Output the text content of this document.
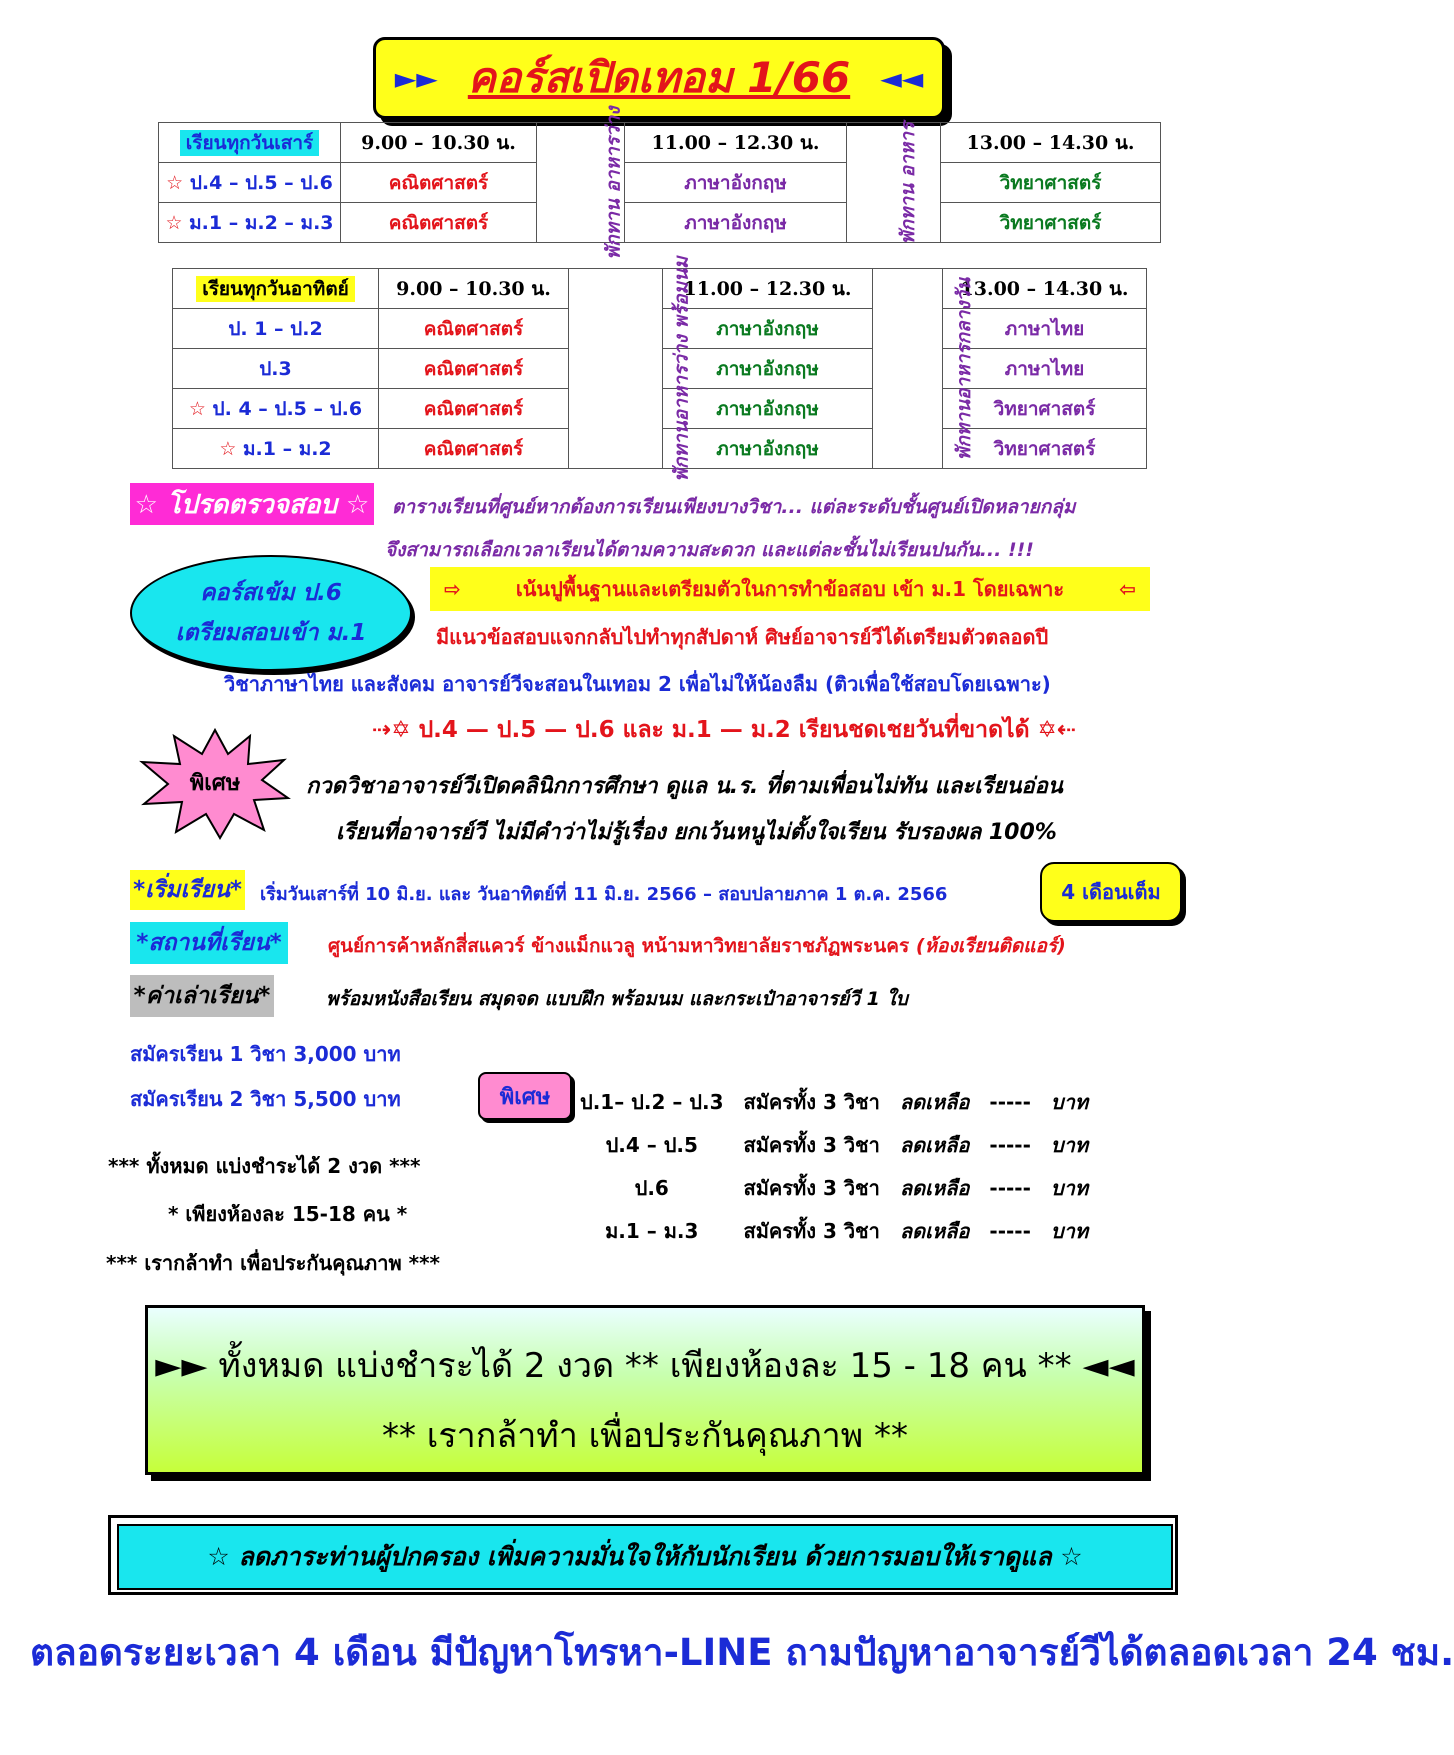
►► คอร์สเปิดเทอม 1/66 ◄◄
เรียนทุกวันเสาร์	9.00 – 10.30 น.	พักทาน อาหารว่าง	11.00 – 12.30 น.	พักทาน อาหาร	13.00 – 14.30 น.
☆ ป.4 – ป.5 – ป.6	คณิตศาสตร์		ภาษาอังกฤษ		วิทยาศาสตร์
☆ ม.1 – ม.2 – ม.3	คณิตศาสตร์		ภาษาอังกฤษ		วิทยาศาสตร์
เรียนทุกวันอาทิตย์	9.00 – 10.30 น.	พักทานอาหารว่าง พร้อมนม	11.00 – 12.30 น.	พักทานอาหารกลางวัน	13.00 – 14.30 น.
ป. 1 – ป.2	คณิตศาสตร์		ภาษาอังกฤษ		ภาษาไทย
ป.3	คณิตศาสตร์		ภาษาอังกฤษ		ภาษาไทย
☆ ป. 4 – ป.5 – ป.6	คณิตศาสตร์		ภาษาอังกฤษ		วิทยาศาสตร์
☆ ม.1 – ม.2	คณิตศาสตร์		ภาษาอังกฤษ		วิทยาศาสตร์
☆ โปรดตรวจสอบ ☆ ตารางเรียนที่ศูนย์หากต้องการเรียนเพียงบางวิชา... แต่ละระดับชั้นศูนย์เปิดหลายกลุ่ม
จึงสามารถเลือกเวลาเรียนได้ตามความสะดวก และแต่ละชั้นไม่เรียนปนกัน... !!!
คอร์สเข้ม ป.6
เตรียมสอบเข้า ม.1
⇨	เน้นปูพื้นฐานและเตรียมตัวในการทำข้อสอบ เข้า ม.1 โดยเฉพาะ	⇦
มีแนวข้อสอบแจกกลับไปทำทุกสัปดาห์ ศิษย์อาจารย์วีได้เตรียมตัวตลอดปี
วิชาภาษาไทย และสังคม อาจารย์วีจะสอนในเทอม 2 เพื่อไม่ให้น้องลืม (ติวเพื่อใช้สอบโดยเฉพาะ)
⇢✡ ป.4 — ป.5 — ป.6 และ ม.1 — ม.2 เรียนชดเชยวันที่ขาดได้ ✡⇠
พิเศษ	กวดวิชาอาจารย์วีเปิดคลินิกการศึกษา ดูแล น.ร. ที่ตามเพื่อนไม่ทัน และเรียนอ่อน
เรียนที่อาจารย์วี ไม่มีคำว่าไม่รู้เรื่อง ยกเว้นหนูไม่ตั้งใจเรียน รับรองผล 100%
*เริ่มเรียน* เริ่มวันเสาร์ที่ 10 มิ.ย. และ วันอาทิตย์ที่ 11 มิ.ย. 2566 – สอบปลายภาค 1 ต.ค. 2566	4 เดือนเต็ม
*สถานที่เรียน*	ศูนย์การค้าหลักสี่สแควร์ ข้างแม็กแวลู หน้ามหาวิทยาลัยราชภัฏพระนคร (ห้องเรียนติดแอร์)
*ค่าเล่าเรียน*	พร้อมหนังสือเรียน สมุดจด แบบฝึก พร้อมนม และกระเป๋าอาจารย์วี 1 ใบ
สมัครเรียน 1 วิชา 3,000 บาท
สมัครเรียน 2 วิชา 5,500 บาท	พิเศษ	ป.1– ป.2 – ป.3	สมัครทั้ง 3 วิชา	ลดเหลือ	-----	บาท
ป.4 – ป.5	สมัครทั้ง 3 วิชา	ลดเหลือ	-----	บาท
ป.6	สมัครทั้ง 3 วิชา	ลดเหลือ	-----	บาท
ม.1 – ม.3	สมัครทั้ง 3 วิชา	ลดเหลือ	-----	บาท
*** ทั้งหมด แบ่งชำระได้ 2 งวด ***
* เพียงห้องละ 15-18 คน *
*** เรากล้าทำ เพื่อประกันคุณภาพ ***
►► ทั้งหมด แบ่งชำระได้ 2 งวด ** เพียงห้องละ 15 - 18 คน ** ◄◄
** เรากล้าทำ เพื่อประกันคุณภาพ **
☆ ลดภาระท่านผู้ปกครอง เพิ่มความมั่นใจให้กับนักเรียน ด้วยการมอบให้เราดูแล ☆
ตลอดระยะเวลา 4 เดือน มีปัญหาโทรหา-LINE ถามปัญหาอาจารย์วีได้ตลอดเวลา 24 ชม.
